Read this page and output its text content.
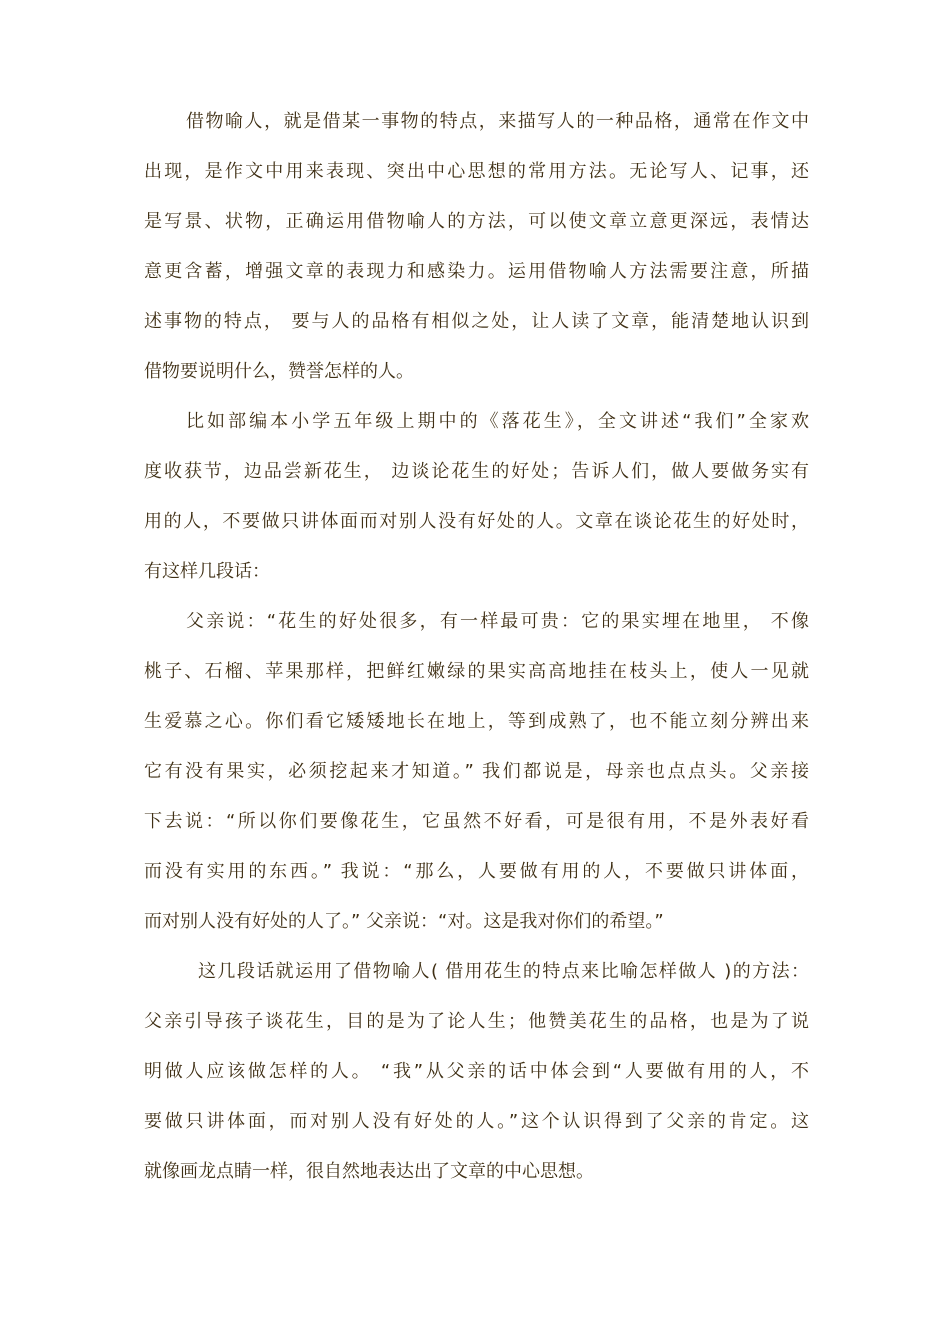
借物喻人，就是借某一事物的特点，来描写人的一种品格，通常在作文中
出现，是作文中用来表现、突出中心思想的常用方法。无论写人、记事，还
是写景、状物，正确运用借物喻人的方法，可以使文章立意更深远，表情达
意更含蓄，增强文章的表现力和感染力。运用借物喻人方法需要注意，所描
述事物的特点， 要与人的品格有相似之处，让人读了文章，能清楚地认识到
借物要说明什么，赞誉怎样的人。
比如部编本小学五年级上期中的《落花生》，全文讲述“我们”全家欢
度收获节，边品尝新花生， 边谈论花生的好处；告诉人们，做人要做务实有
用的人，不要做只讲体面而对别人没有好处的人。文章在谈论花生的好处时，
有这样几段话：
父亲说：“花生的好处很多，有一样最可贵：它的果实埋在地里， 不像
桃子、石榴、苹果那样，把鲜红嫩绿的果实高高地挂在枝头上，使人一见就
生爱慕之心。你们看它矮矮地长在地上，等到成熟了，也不能立刻分辨出来
它有没有果实，必须挖起来才知道。” 我们都说是，母亲也点点头。父亲接
下去说：“所以你们要像花生，它虽然不好看，可是很有用，不是外表好看
而没有实用的东西。” 我说：“那么，人要做有用的人，不要做只讲体面，
而对别人没有好处的人了。” 父亲说：“对。这是我对你们的希望。”
这几段话就运用了借物喻人( 借用花生的特点来比喻怎样做人 )的方法：
父亲引导孩子谈花生，目的是为了论人生；他赞美花生的品格，也是为了说
明做人应该做怎样的人。 “我”从父亲的话中体会到“人要做有用的人，不
要做只讲体面，而对别人没有好处的人。”这个认识得到了父亲的肯定。这
就像画龙点睛一样，很自然地表达出了文章的中心思想。
